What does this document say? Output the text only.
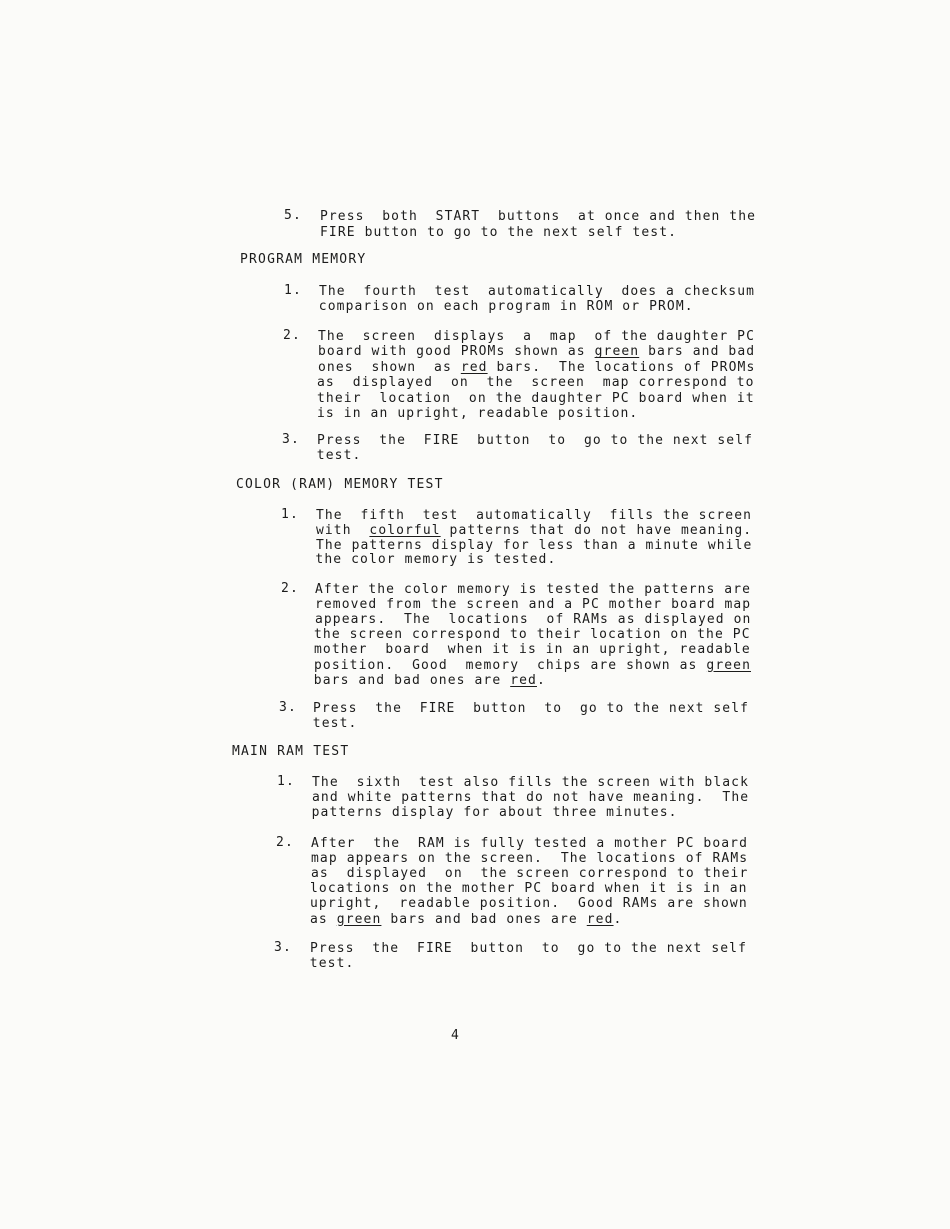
5. Press  both  START  buttons  at once and then the
FIRE button to go to the next self test.
PROGRAM MEMORY
1. The  fourth  test  automatically  does a checksum
comparison on each program in ROM or PROM.
2. The  screen  displays  a  map  of the daughter PC
board with good PROMs shown as green bars and bad
ones  shown  as red bars.  The locations of PROMs
as  displayed  on  the  screen  map correspond to
their  location  on the daughter PC board when it
is in an upright, readable position.
3. Press  the  FIRE  button  to  go to the next self
test.
COLOR (RAM) MEMORY TEST
1. The  fifth  test  automatically  fills the screen
with  colorful patterns that do not have meaning.
The patterns display for less than a minute while
the color memory is tested.
2. After the color memory is tested the patterns are
removed from the screen and a PC mother board map
appears.  The  locations  of RAMs as displayed on
the screen correspond to their location on the PC
mother  board  when it is in an upright, readable
position.  Good  memory  chips are shown as green
bars and bad ones are red.
3. Press  the  FIRE  button  to  go to the next self
test.
MAIN RAM TEST
1. The  sixth  test also fills the screen with black
and white patterns that do not have meaning.  The
patterns display for about three minutes.
2. After  the  RAM is fully tested a mother PC board
map appears on the screen.  The locations of RAMs
as  displayed  on  the screen correspond to their
locations on the mother PC board when it is in an
upright,  readable position.  Good RAMs are shown
as green bars and bad ones are red.
3. Press  the  FIRE  button  to  go to the next self
test.
4
